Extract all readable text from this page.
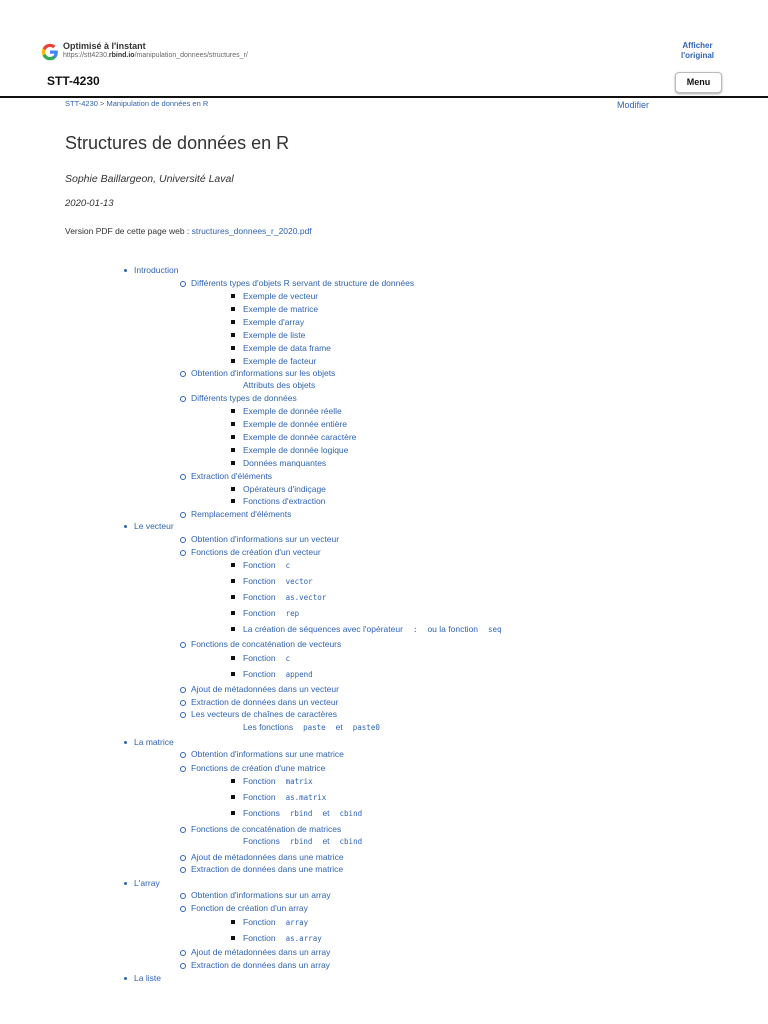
Optimisé à l'instant
https://stt4230.rbind.io/manipulation_donnees/structures_r/
Afficher
l'original
STT-4230	Menu
STT-4230 > Manipulation de données en R	Modifier
Structures de données en R
Sophie Baillargeon, Université Laval
2020-01-13
Version PDF de cette page web : structures_donnees_r_2020.pdf
Introduction
Différents types d'objets R servant de structure de données
Exemple de vecteur
Exemple de matrice
Exemple d'array
Exemple de liste
Exemple de data frame
Exemple de facteur
Obtention d'informations sur les objets
Attributs des objets
Différents types de données
Exemple de donnée réelle
Exemple de donnée entière
Exemple de donnée caractère
Exemple de donnée logique
Données manquantes
Extraction d'éléments
Opérateurs d'indiçage
Fonctions d'extraction
Remplacement d'éléments
Le vecteur
Obtention d'informations sur un vecteur
Fonctions de création d'un vecteur
Fonction c
Fonction vector
Fonction as.vector
Fonction rep
La création de séquences avec l'opérateur : ou la fonction seq
Fonctions de concaténation de vecteurs
Fonction c
Fonction append
Ajout de métadonnées dans un vecteur
Extraction de données dans un vecteur
Les vecteurs de chaînes de caractères
Les fonctions paste et paste0
La matrice
Obtention d'informations sur une matrice
Fonctions de création d'une matrice
Fonction matrix
Fonction as.matrix
Fonctions rbind et cbind
Fonctions de concaténation de matrices
Fonctions rbind et cbind
Ajout de métadonnées dans une matrice
Extraction de données dans une matrice
L'array
Obtention d'informations sur un array
Fonction de création d'un array
Fonction array
Fonction as.array
Ajout de métadonnées dans un array
Extraction de données dans un array
La liste
